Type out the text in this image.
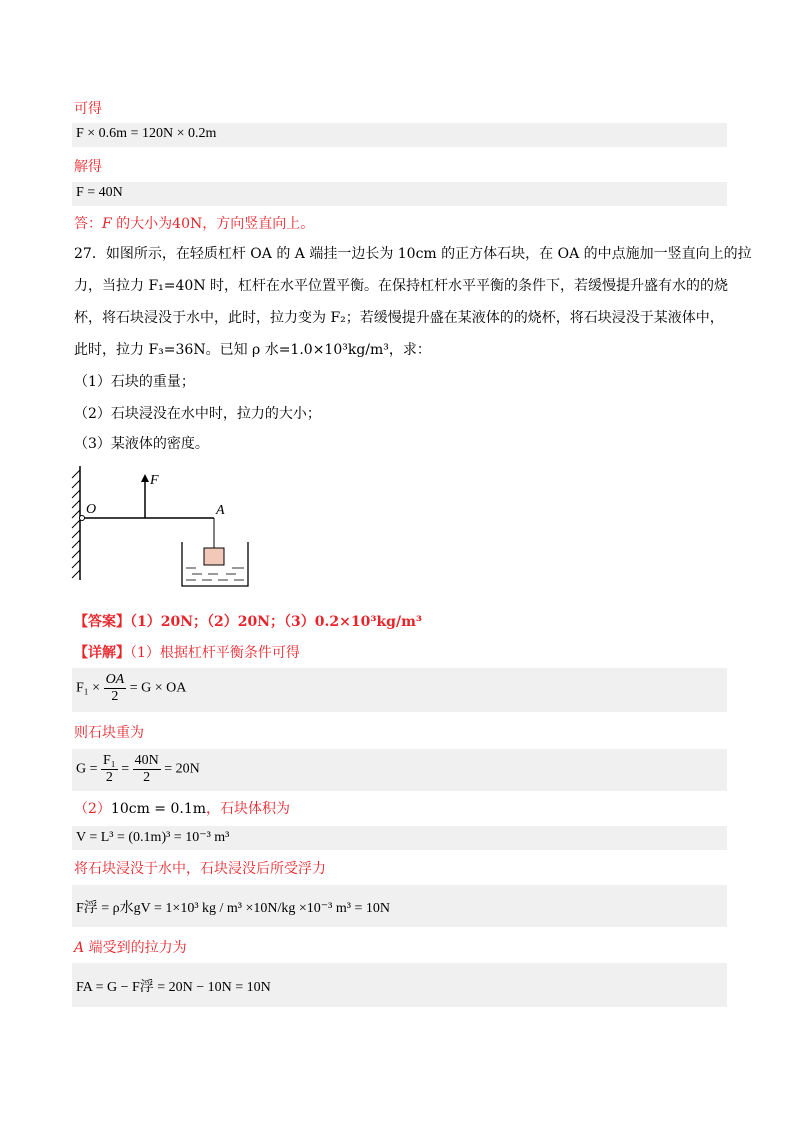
可得
F × 0.6m = 120N × 0.2m
解得
F = 40N
答：F 的大小为40N，方向竖直向上。
27．如图所示，在轻质杠杆 OA 的 A 端挂一边长为 10cm 的正方体石块，在 OA 的中点施加一竖直向上的拉
力，当拉力 F₁=40N 时，杠杆在水平位置平衡。在保持杠杆水平平衡的条件下，若缓慢提升盛有水的的烧
杯，将石块浸没于水中，此时，拉力变为 F₂；若缓慢提升盛在某液体的的烧杯，将石块浸没于某液体中，
此时，拉力 F₃=36N。已知 ρ 水=1.0×10³kg/m³，求：
（1）石块的重量；
（2）石块浸没在水中时，拉力的大小；
（3）某液体的密度。
F
O	A
【答案】（1）20N；（2）20N；（3）0.2×10³kg/m³
【详解】（1）根据杠杆平衡条件可得
$F_1 \times \frac{OA}{2} = G$ × OA
则石块重为
$G = \frac{\text{F₁}}{2} = \frac{40N}{2} = 20N$
（2）10cm = 0.1m，石块体积为
V = L³ = (0.1m)³ = 10⁻³ m³
将石块浸没于水中，石块浸没后所受浮力
F浮 = ρ水gV = 1×10³ kg / m³ ×10N/kg ×10⁻³ m³ = 10N
A 端受到的拉力为
FA = G − F浮 = 20N − 10N = 10N
